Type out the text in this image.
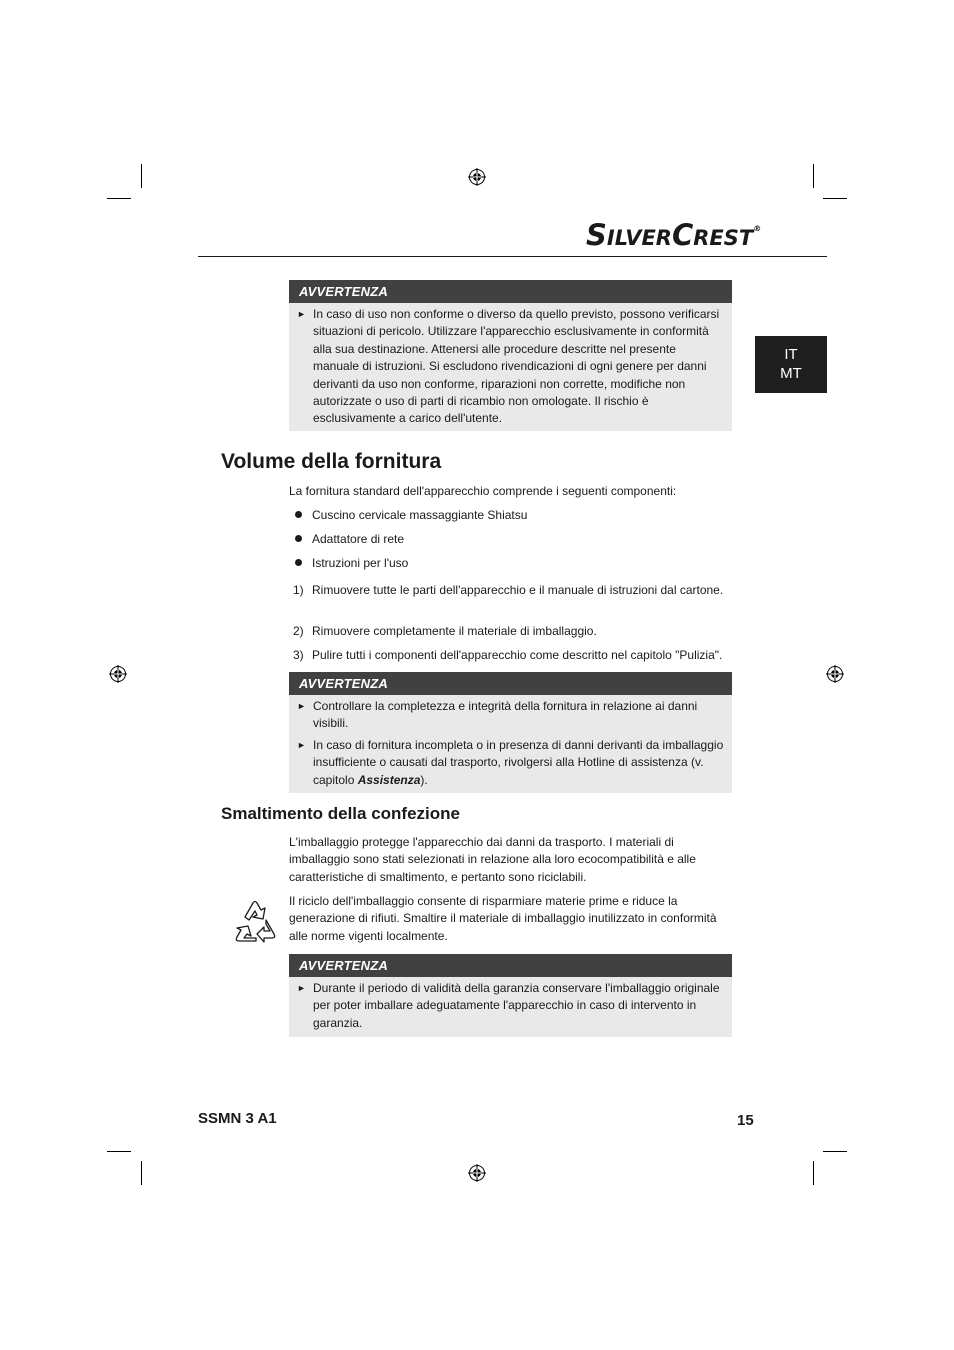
SILVERCREST®
IT
MT
AVVERTENZA
► In caso di uso non conforme o diverso da quello previsto, possono verificarsi situazioni di pericolo. Utilizzare l'apparecchio esclusivamente in conformità alla sua destinazione. Attenersi alle procedure descritte nel presente manuale di istruzioni. Si escludono rivendicazioni di ogni genere per danni derivanti da uso non conforme, riparazioni non corrette, modifiche non autorizzate o uso di parti di ricambio non omologate. Il rischio è esclusivamente a carico dell'utente.
Volume della fornitura
La fornitura standard dell'apparecchio comprende i seguenti componenti:
Cuscino cervicale massaggiante Shiatsu
Adattatore di rete
Istruzioni per l'uso
1) Rimuovere tutte le parti dell'apparecchio e il manuale di istruzioni dal cartone.
2) Rimuovere completamente il materiale di imballaggio.
3) Pulire tutti i componenti dell'apparecchio come descritto nel capitolo "Pulizia".
AVVERTENZA
► Controllare la completezza e integrità della fornitura in relazione ai danni visibili.
► In caso di fornitura incompleta o in presenza di danni derivanti da imballaggio insufficiente o causati dal trasporto, rivolgersi alla Hotline di assistenza (v. capitolo Assistenza).
Smaltimento della confezione
L'imballaggio protegge l'apparecchio dai danni da trasporto. I materiali di imballaggio sono stati selezionati in relazione alla loro ecocompatibilità e alle caratteristiche di smaltimento, e pertanto sono riciclabili.
Il riciclo dell'imballaggio consente di risparmiare materie prime e riduce la generazione di rifiuti. Smaltire il materiale di imballaggio inutilizzato in conformità alle norme vigenti localmente.
AVVERTENZA
► Durante il periodo di validità della garanzia conservare l'imballaggio originale per poter imballare adeguatamente l'apparecchio in caso di intervento in garanzia.
SSMN 3 A1	15
